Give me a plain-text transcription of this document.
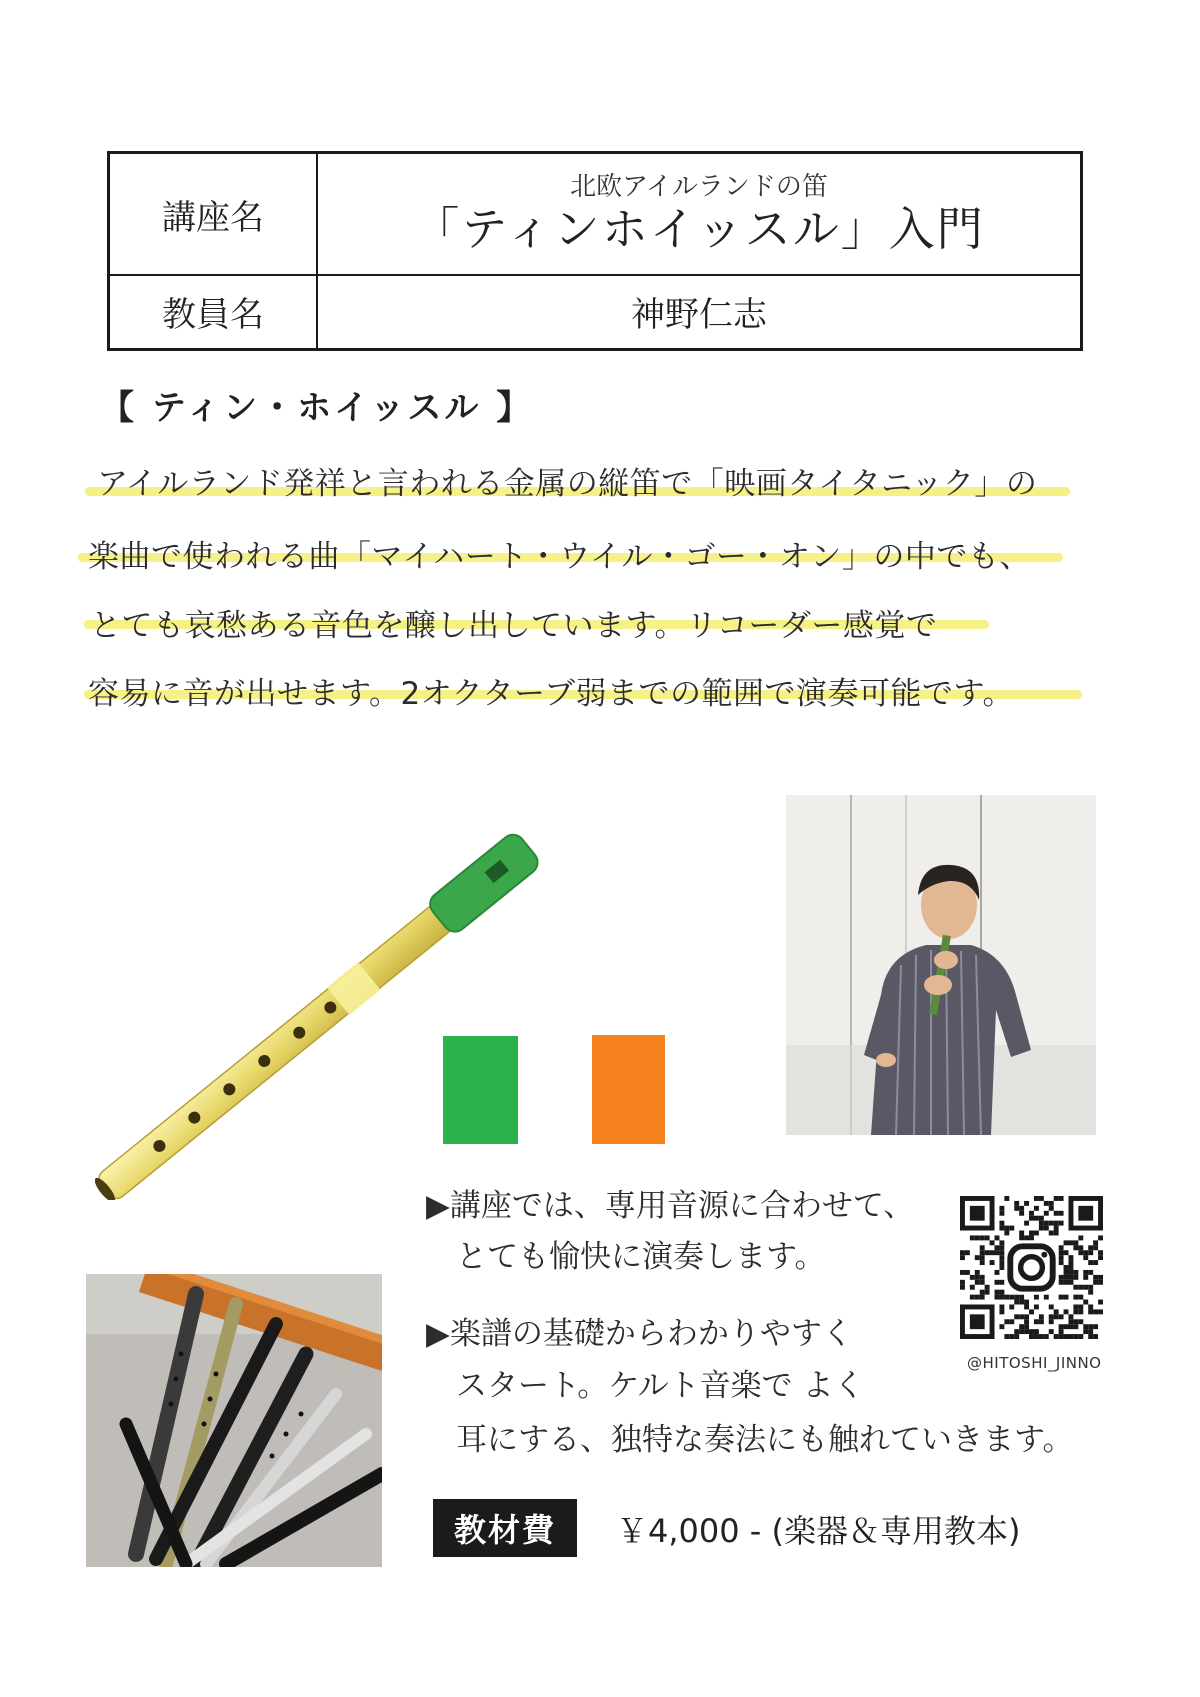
講座名
北欧アイルランドの笛
「ティンホイッスル」入門
教員名	神野仁志
【 ティン・ホイッスル 】
アイルランド発祥と言われる金属の縦笛で「映画タイタニック」の
楽曲で使われる曲「マイハート・ウイル・ゴー・オン」の中でも、
とても哀愁ある音色を醸し出しています。リコーダー感覚で
容易に音が出せます。2オクターブ弱までの範囲で演奏可能です。
▶講座では、専用音源に合わせて、
とても愉快に演奏します。
▶楽譜の基礎からわかりやすく
スタート。ケルト音楽で よく
耳にする、独特な奏法にも触れていきます。
@HITOSHI_JINNO
教材費	￥4,000 - (楽器＆専用教本)
